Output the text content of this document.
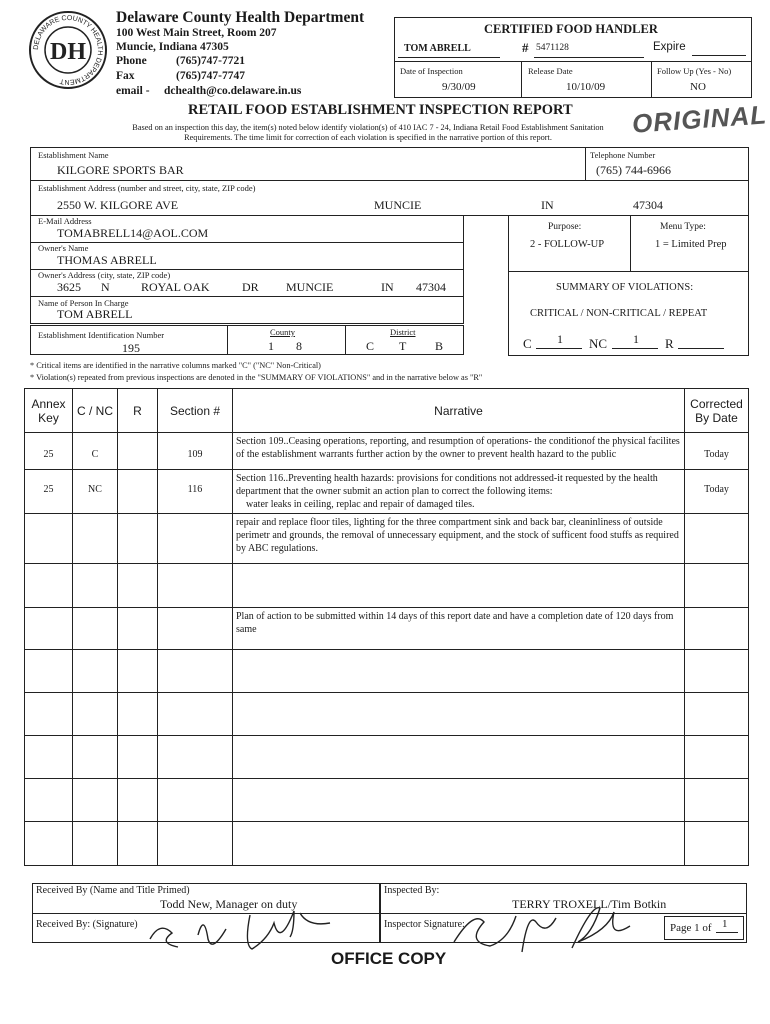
DELAWARE COUNTY HEALTH DEPARTMENT
DH
Delaware County Health Department
100 West Main Street, Room 207
Muncie, Indiana 47305
Phone	(765)747-7721
Fax	(765)747-7747
email - dchealth@co.delaware.in.us
CERTIFIED FOOD HANDLER
TOM ABRELL	# 5471128	Expire
Date of Inspection
9/30/09
Release Date
10/10/09
Follow Up (Yes - No)
NO
RETAIL FOOD ESTABLISHMENT INSPECTION REPORT ORIGINAL
Based on an inspection this day, the item(s) noted below identify violation(s) of 410 IAC 7 - 24, Indiana Retail Food Establishment Sanitation Requirements. The time limit for correction of each violation is specified in the narrative portion of this report.
Establishment Name
KILGORE SPORTS BAR
Telephone Number
(765) 744-6966
Establishment Address (number and street, city, state, ZIP code)
2550 W. KILGORE AVE	MUNCIE	IN	47304
E-Mail Address
TOMABRELL14@AOL.COM
Owner's Name
THOMAS ABRELL
Owner's Address (city, state, ZIP code)
3625 N	ROYAL OAK	DR MUNCIE	IN 47304
Name of Person In Charge
TOM ABRELL
Establishment Identification Number
195
County
1 8
District
C T B
Purpose:
2 - FOLLOW-UP
Menu Type:
1 = Limited Prep
SUMMARY OF VIOLATIONS:
CRITICAL / NON-CRITICAL / REPEAT
C 1 NC 1 R
* Critical items are identified in the narrative columns marked "C" ("NC" Non-Critical)
* Violation(s) repeated from previous inspections are denoted in the "SUMMARY OF VIOLATIONS" and in the narrative below as "R"
Annex Key	C / NC	R	Section #	Narrative	Corrected By Date
25	C		109	Section 109..Ceasing operations, reporting, and resumption of operations- the conditionof the physical facilites of the establishment warrants further action by the owner to prevent health hazard to the public	Today
25	NC		116	Section 116..Preventing health hazards: provisions for conditions not addressed-it requested by the health department that the owner submit an action plan to correct the following items:

water leaks in ceiling, replac and repair of damaged tiles.	Today

				repair and replace floor tiles, lighting for the three compartment sink and back bar, cleaninliness of outside perimetr and grounds, the removal of unnecessary equipment, and the stock of sufficent food stuffs as required by ABC regulations.	

				Plan of action to be submitted within 14 days of this report date and have a completion date of 120 days from same	

Received By (Name and Title Primed)
Todd New, Manager on duty
Received By: (Signature)
Inspected By:
TERRY TROXELL/Tim Botkin
Inspector Signature:	Page 1 of 1
OFFICE COPY
